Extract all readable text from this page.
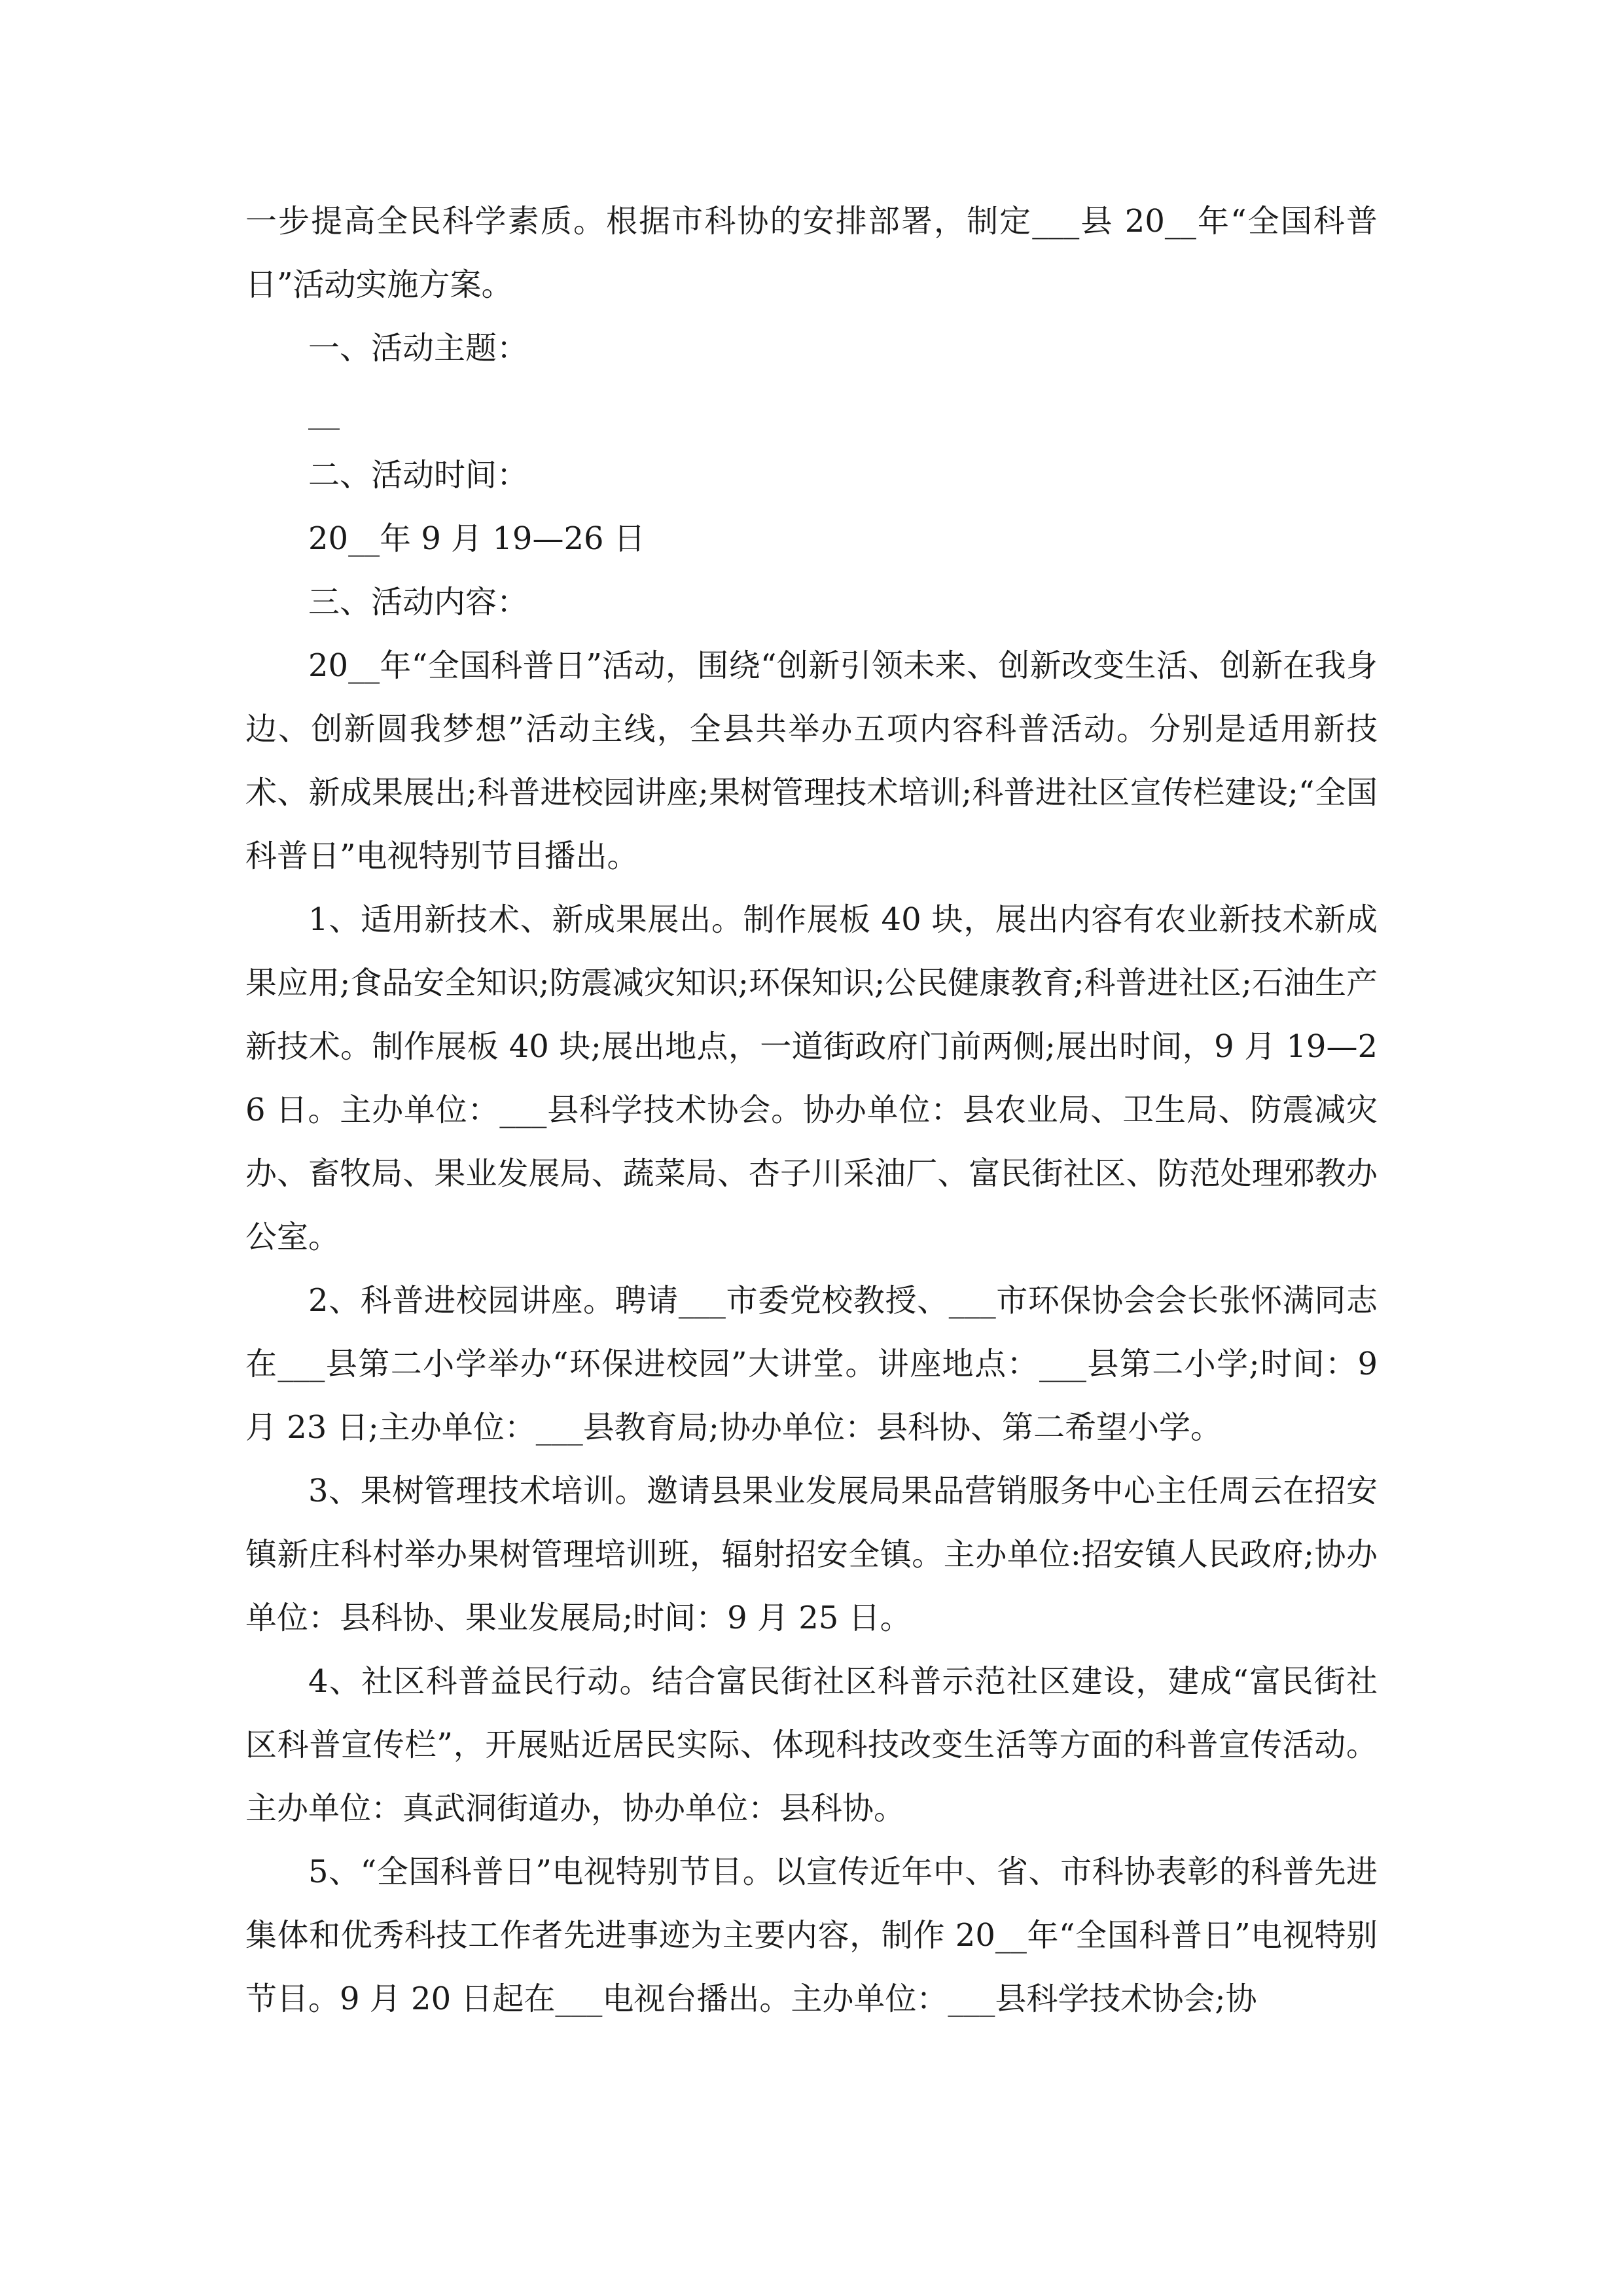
一步提高全民科学素质。根据市科协的安排部署，制定___县 20__年“全国科普日”活动实施方案。

一、活动主题：

__

二、活动时间：

20__年 9 月 19—26 日

三、活动内容：

20__年“全国科普日”活动，围绕“创新引领未来、创新改变生活、创新在我身边、创新圆我梦想”活动主线，全县共举办五项内容科普活动。分别是适用新技术、新成果展出;科普进校园讲座;果树管理技术培训;科普进社区宣传栏建设;“全国科普日”电视特别节目播出。

1、适用新技术、新成果展出。制作展板 40 块，展出内容有农业新技术新成果应用;食品安全知识;防震减灾知识;环保知识;公民健康教育;科普进社区;石油生产新技术。制作展板 40 块;展出地点，一道街政府门前两侧;展出时间，9 月 19—26 日。主办单位：___县科学技术协会。协办单位：县农业局、卫生局、防震减灾办、畜牧局、果业发展局、蔬菜局、杏子川采油厂、富民街社区、防范处理邪教办公室。

2、科普进校园讲座。聘请___市委党校教授、___市环保协会会长张怀满同志在___县第二小学举办“环保进校园”大讲堂。讲座地点：___县第二小学;时间：9 月 23 日;主办单位：___县教育局;协办单位：县科协、第二希望小学。

3、果树管理技术培训。邀请县果业发展局果品营销服务中心主任周云在招安镇新庄科村举办果树管理培训班，辐射招安全镇。主办单位:招安镇人民政府;协办单位：县科协、果业发展局;时间：9 月 25 日。

4、社区科普益民行动。结合富民街社区科普示范社区建设，建成“富民街社区科普宣传栏”，开展贴近居民实际、体现科技改变生活等方面的科普宣传活动。主办单位：真武洞街道办，协办单位：县科协。

5、“全国科普日”电视特别节目。以宣传近年中、省、市科协表彰的科普先进集体和优秀科技工作者先进事迹为主要内容，制作 20__年“全国科普日”电视特别节目。9 月 20 日起在___电视台播出。主办单位：___县科学技术协会;协
